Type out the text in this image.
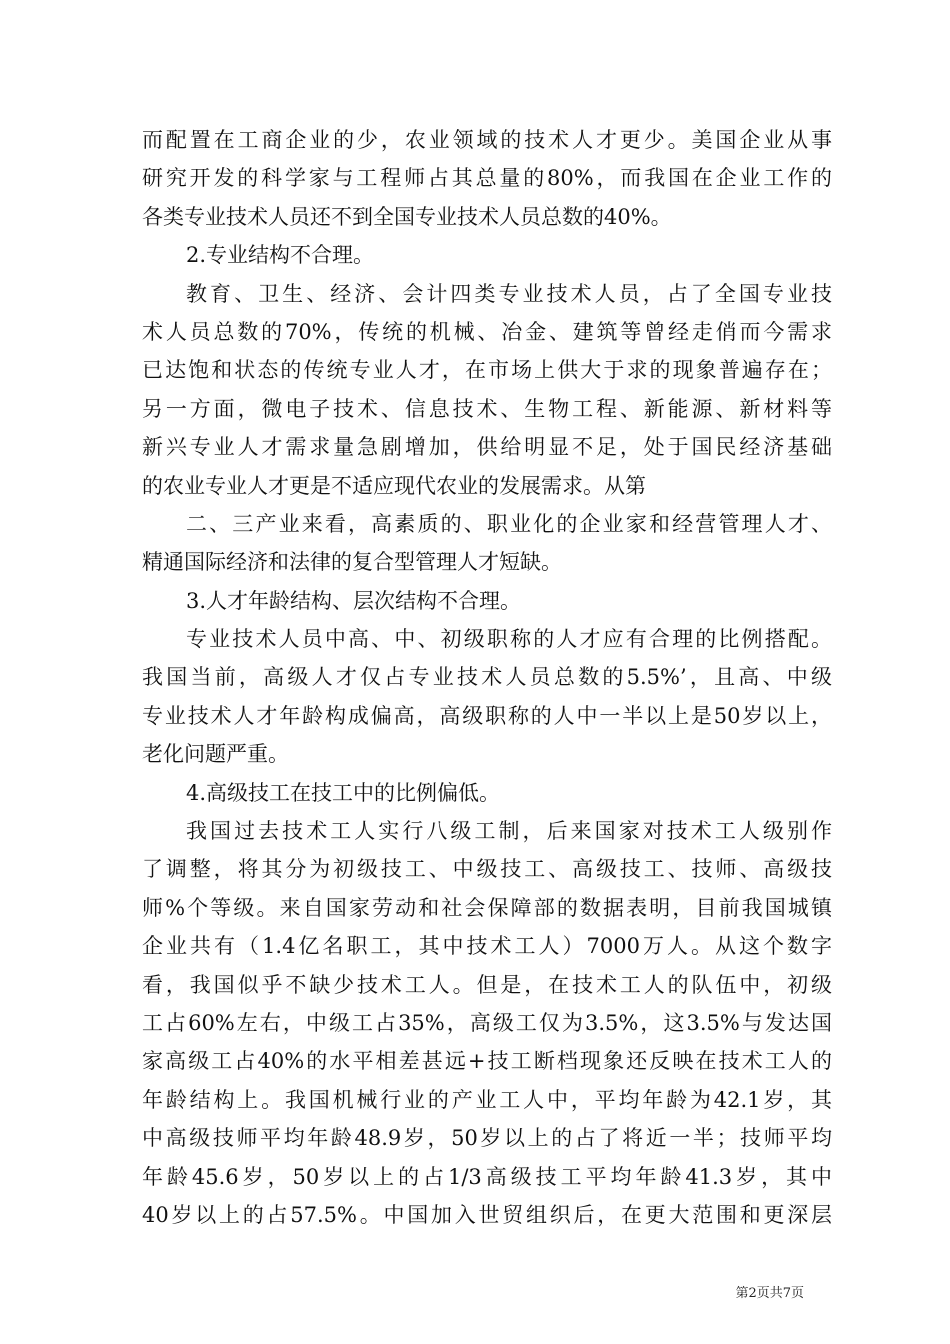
而配置在工商企业的少，农业领域的技术人才更少。美国企业从事
研究开发的科学家与工程师占其总量的80%，而我国在企业工作的
各类专业技术人员还不到全国专业技术人员总数的40%。
2.专业结构不合理。
教育、卫生、经济、会计四类专业技术人员，占了全国专业技
术人员总数的70%，传统的机械、冶金、建筑等曾经走俏而今需求
已达饱和状态的传统专业人才，在市场上供大于求的现象普遍存在；
另一方面，微电子技术、信息技术、生物工程、新能源、新材料等
新兴专业人才需求量急剧增加，供给明显不足，处于国民经济基础
的农业专业人才更是不适应现代农业的发展需求。从第
二、三产业来看，高素质的、职业化的企业家和经营管理人才、
精通国际经济和法律的复合型管理人才短缺。
3.人才年龄结构、层次结构不合理。
专业技术人员中高、中、初级职称的人才应有合理的比例搭配。
我国当前，高级人才仅占专业技术人员总数的5.5%’，且高、中级
专业技术人才年龄构成偏高，高级职称的人中一半以上是50岁以上，
老化问题严重。
4.高级技工在技工中的比例偏低。
我国过去技术工人实行八级工制，后来国家对技术工人级别作
了调整，将其分为初级技工、中级技工、高级技工、技师、高级技
师%个等级。来自国家劳动和社会保障部的数据表明，目前我国城镇
企业共有（1.4亿名职工，其中技术工人）7000万人。从这个数字
看，我国似乎不缺少技术工人。但是，在技术工人的队伍中，初级
工占60%左右，中级工占35%，高级工仅为3.5%，这3.5%与发达国
家高级工占40%的水平相差甚远+技工断档现象还反映在技术工人的
年龄结构上。我国机械行业的产业工人中，平均年龄为42.1岁，其
中高级技师平均年龄48.9岁，50岁以上的占了将近一半；技师平均
年龄45.6岁，50岁以上的占1/3高级技工平均年龄41.3岁，其中
40岁以上的占57.5%。中国加入世贸组织后，在更大范围和更深层
第2页共7页
